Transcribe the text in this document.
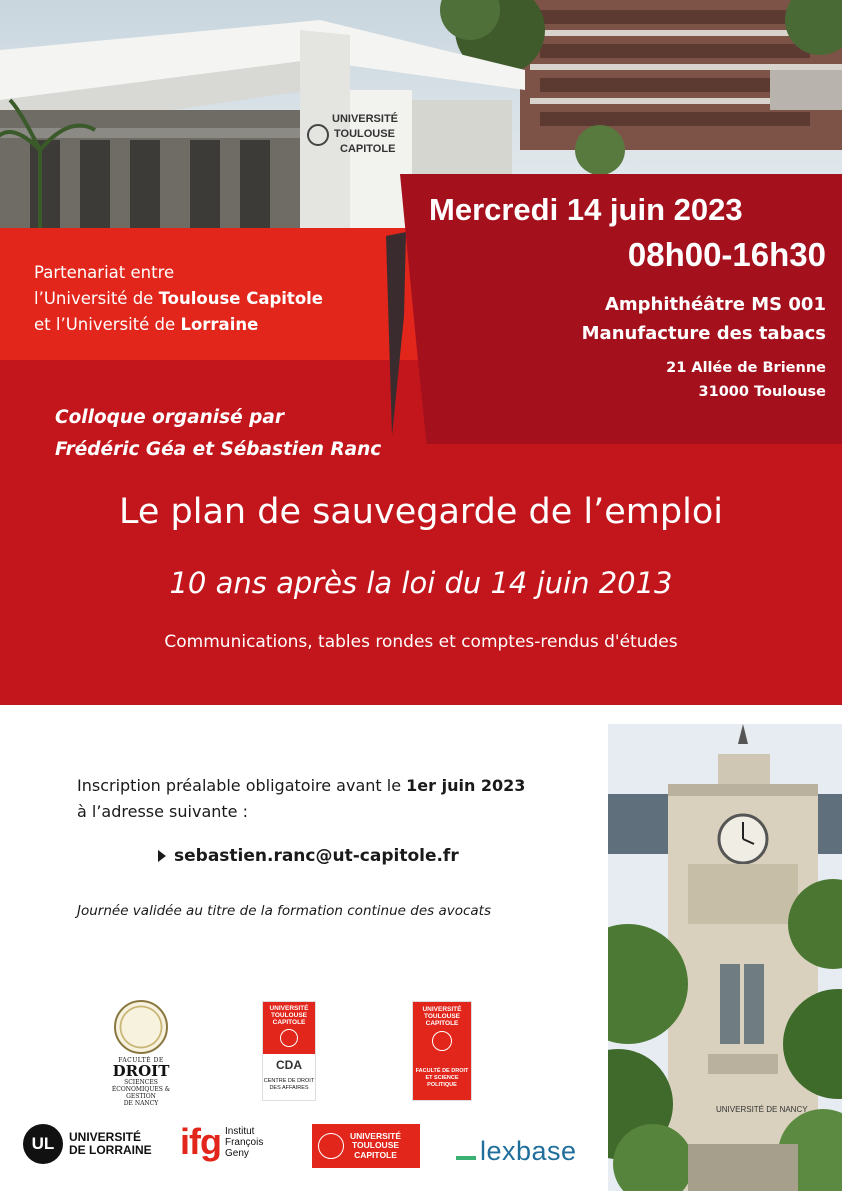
UNIVERSITÉ
TOULOUSE
CAPITOLE
Partenariat entre
l’Université de Toulouse Capitole
et l’Université de Lorraine
Mercredi 14 juin 2023
08h00-16h30
Amphithéâtre MS 001
Manufacture des tabacs
21 Allée de Brienne
31000 Toulouse
Colloque organisé par
Frédéric Géa et Sébastien Ranc
Le plan de sauvegarde de l’emploi
10 ans après la loi du 14 juin 2013
Communications, tables rondes et comptes-rendus d'études
Inscription préalable obligatoire avant le 1er juin 2023
à l’adresse suivante :
sebastien.ranc@ut-capitole.fr
Journée validée au titre de la formation continue des avocats
UNIVERSITÉ DE NANCY
FACULTÉ DE
DROIT
SCIENCES ÉCONOMIQUES & GESTION
DE NANCY
UNIVERSITÉ TOULOUSE CAPITOLE
CDA
CENTRE DE DROIT DES AFFAIRES
UNIVERSITÉ TOULOUSE CAPITOLE
FACULTÉ DE DROIT ET SCIENCE POLITIQUE
UL	UNIVERSITÉ
DE LORRAINE ifg Institut
François
Geny
UNIVERSITÉ
TOULOUSE
CAPITOLE	lexbase
